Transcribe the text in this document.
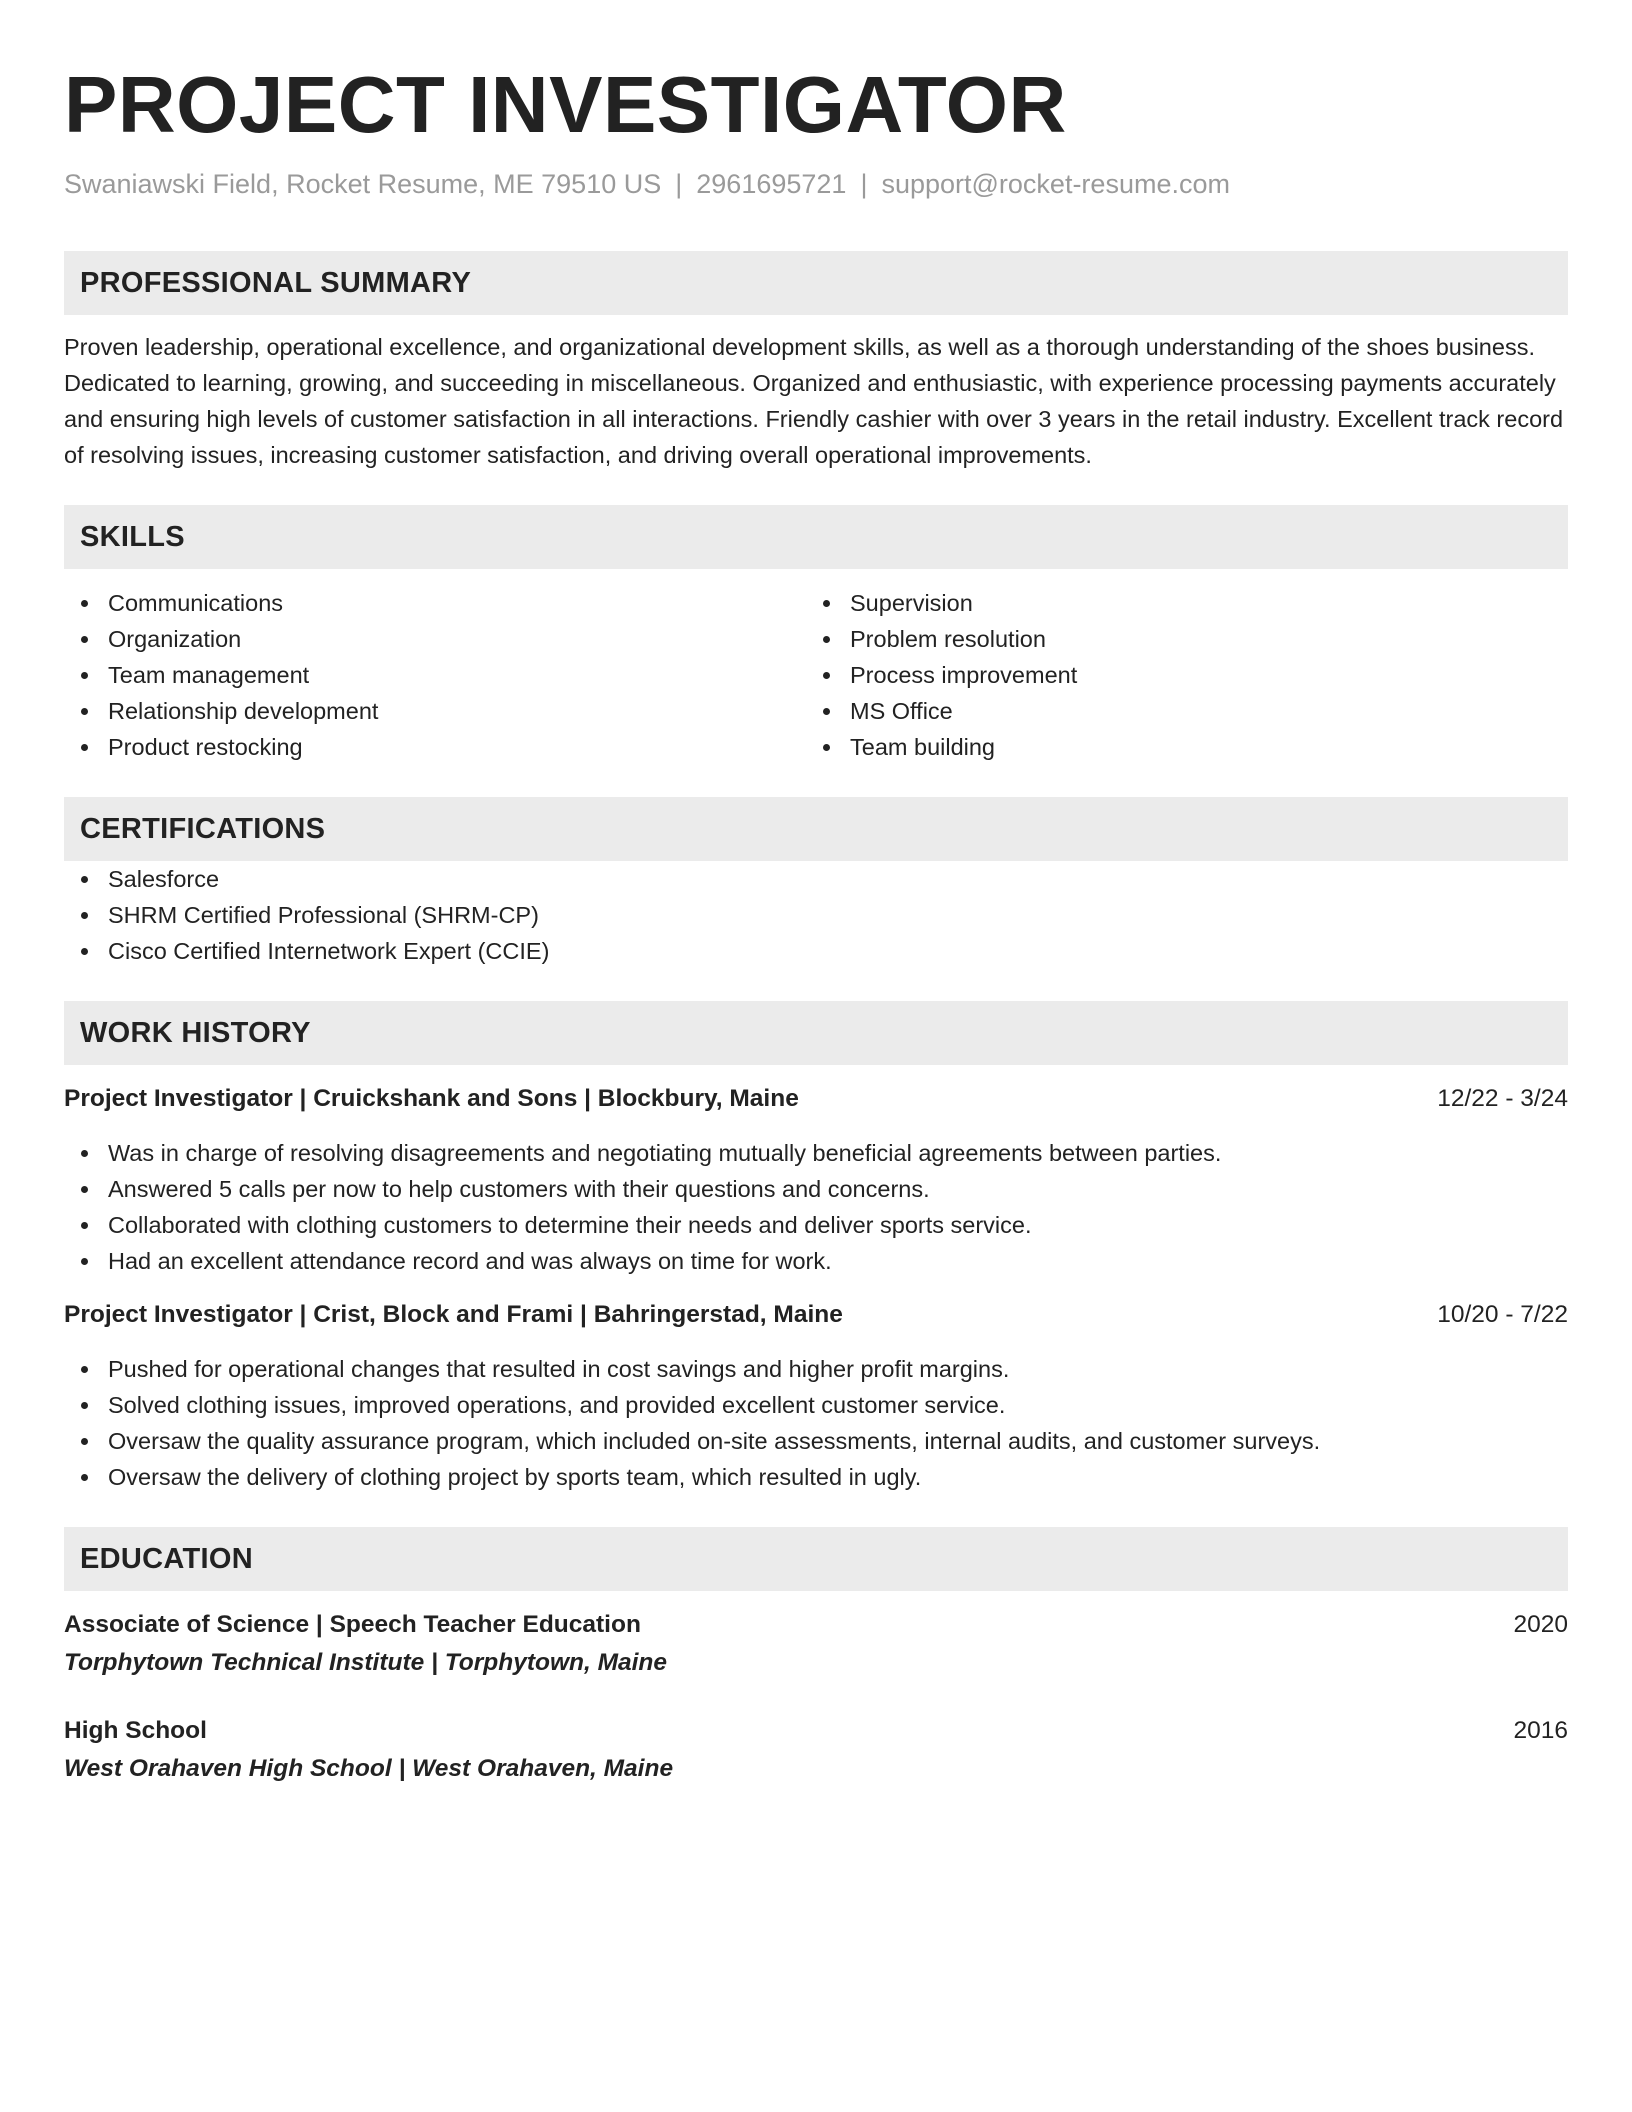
PROJECT INVESTIGATOR
Swaniawski Field, Rocket Resume, ME 79510 US | 2961695721 | support@rocket-resume.com
PROFESSIONAL SUMMARY
Proven leadership, operational excellence, and organizational development skills, as well as a thorough understanding of the shoes business. Dedicated to learning, growing, and succeeding in miscellaneous. Organized and enthusiastic, with experience processing payments accurately and ensuring high levels of customer satisfaction in all interactions. Friendly cashier with over 3 years in the retail industry. Excellent track record of resolving issues, increasing customer satisfaction, and driving overall operational improvements.
SKILLS
Communications
Organization
Team management
Relationship development
Product restocking
Supervision
Problem resolution
Process improvement
MS Office
Team building
CERTIFICATIONS
Salesforce
SHRM Certified Professional (SHRM-CP)
Cisco Certified Internetwork Expert (CCIE)
WORK HISTORY
Project Investigator | Cruickshank and Sons | Blockbury, Maine	12/22 - 3/24
Was in charge of resolving disagreements and negotiating mutually beneficial agreements between parties.
Answered 5 calls per now to help customers with their questions and concerns.
Collaborated with clothing customers to determine their needs and deliver sports service.
Had an excellent attendance record and was always on time for work.
Project Investigator | Crist, Block and Frami | Bahringerstad, Maine	10/20 - 7/22
Pushed for operational changes that resulted in cost savings and higher profit margins.
Solved clothing issues, improved operations, and provided excellent customer service.
Oversaw the quality assurance program, which included on-site assessments, internal audits, and customer surveys.
Oversaw the delivery of clothing project by sports team, which resulted in ugly.
EDUCATION
Associate of Science | Speech Teacher Education	2020
Torphytown Technical Institute | Torphytown, Maine
High School	2016
West Orahaven High School | West Orahaven, Maine
